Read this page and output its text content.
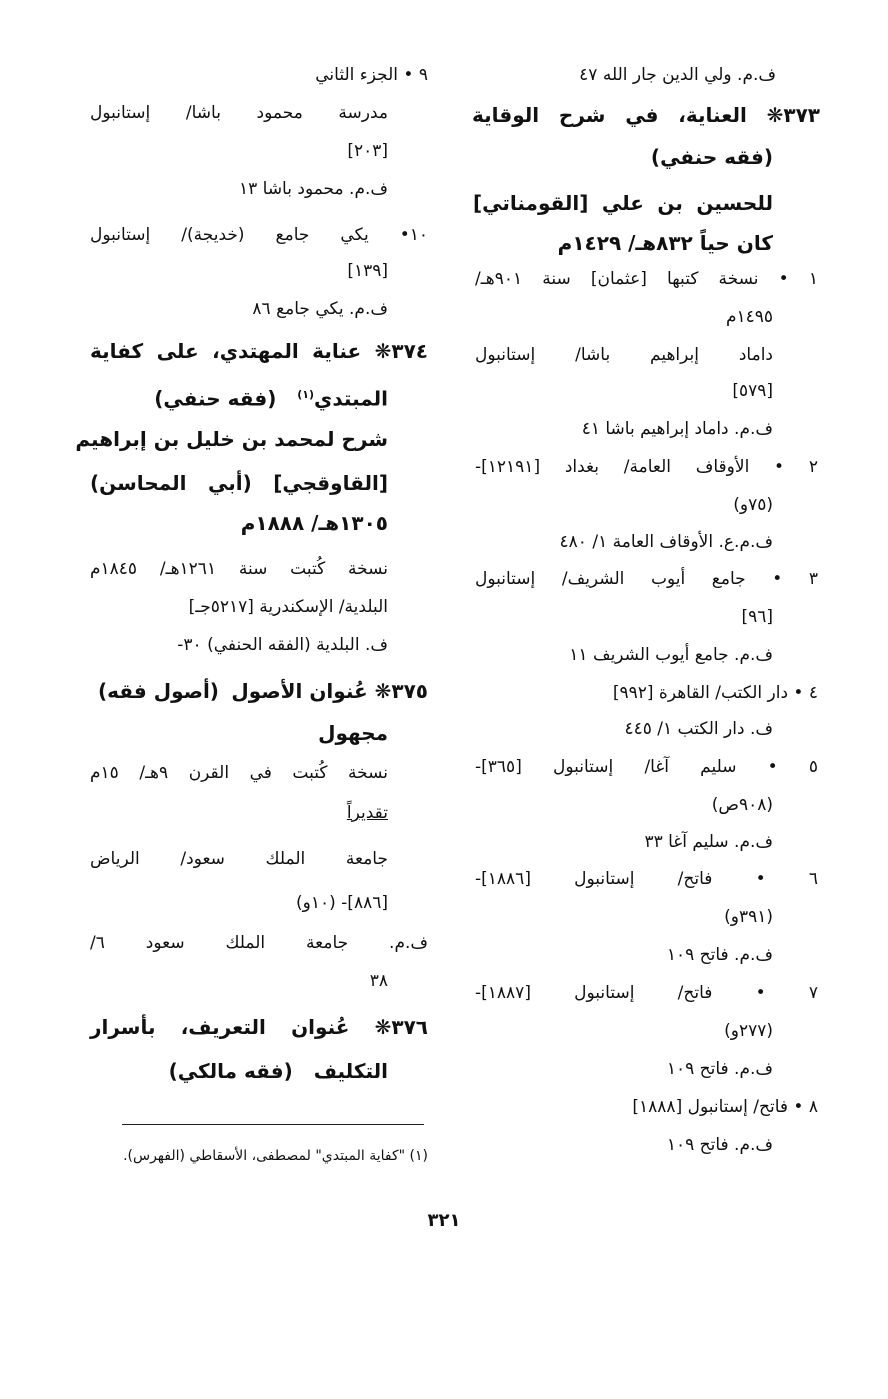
ف.م. ولي الدين جار الله ٤٧
٣٧٣❋ العناية، في شرح الوقاية
(فقه حنفي)
للحسين بن علي [القومناتي]
كان حياً ٨٣٢هـ/ ١٤٢٩م
١ • نسخة كتبها [عثمان] سنة ٩٠١هـ/
١٤٩٥م
داماد إبراهيم باشا/ إستانبول
[٥٧٩]
ف.م. داماد إبراهيم باشا ٤١
٢ • الأوقاف العامة/ بغداد [١٢١٩١]-
(٧٥و)
ف.م.ع. الأوقاف العامة ١/ ٤٨٠
٣ • جامع أيوب الشريف/ إستانبول
[٩٦]
ف.م. جامع أيوب الشريف ١١
٤ • دار الكتب/ القاهرة [٩٩٢]
ف. دار الكتب ١/ ٤٤٥
٥ • سليم آغا/ إستانبول [٣٦٥]-
(٩٠٨ص)
ف.م. سليم آغا ٣٣
٦ • فاتح/ إستانبول [١٨٨٦]-
(٣٩١و)
ف.م. فاتح ١٠٩
٧ • فاتح/ إستانبول [١٨٨٧]-
(٢٧٧و)
ف.م. فاتح ١٠٩
٨ • فاتح/ إستانبول [١٨٨٨]
ف.م. فاتح ١٠٩
٩ • الجزء الثاني
مدرسة محمود باشا/ إستانبول
[٢٠٣]
ف.م. محمود باشا ١٣
١٠• يكي جامع (خديجة)/ إستانبول
[١٣٩]
ف.م. يكي جامع ٨٦
٣٧٤❋ عناية المهتدي، على كفاية
المبتدي$^{(١)}$   (فقه حنفي)
شرح لمحمد بن خليل بن إبراهيم
[القاوقجي] (أبي المحاسن)
١٣٠٥هـ/ ١٨٨٨م
نسخة كُتبت سنة ١٢٦١هـ/ ١٨٤٥م
البلدية/ الإسكندرية [٥٢١٧جـ]
ف. البلدية (الفقه الحنفي) ٣٠-
٣٧٥❋ عُنوان الأصول
(أصول فقه)
مجهول
نسخة كُتبت في القرن ٩هـ/ ١٥م
تقديراً
جامعة الملك سعود/ الرياض
[٨٨٦]- (١٠و)
ف.م. جامعة الملك سعود ٦/
٣٨
٣٧٦❋ عُنوان التعريف، بأسرار
التكليف   (فقه مالكي)
(١) "كفاية المبتدي" لمصطفى، الأسقاطي (الفهرس).
٣٢١
